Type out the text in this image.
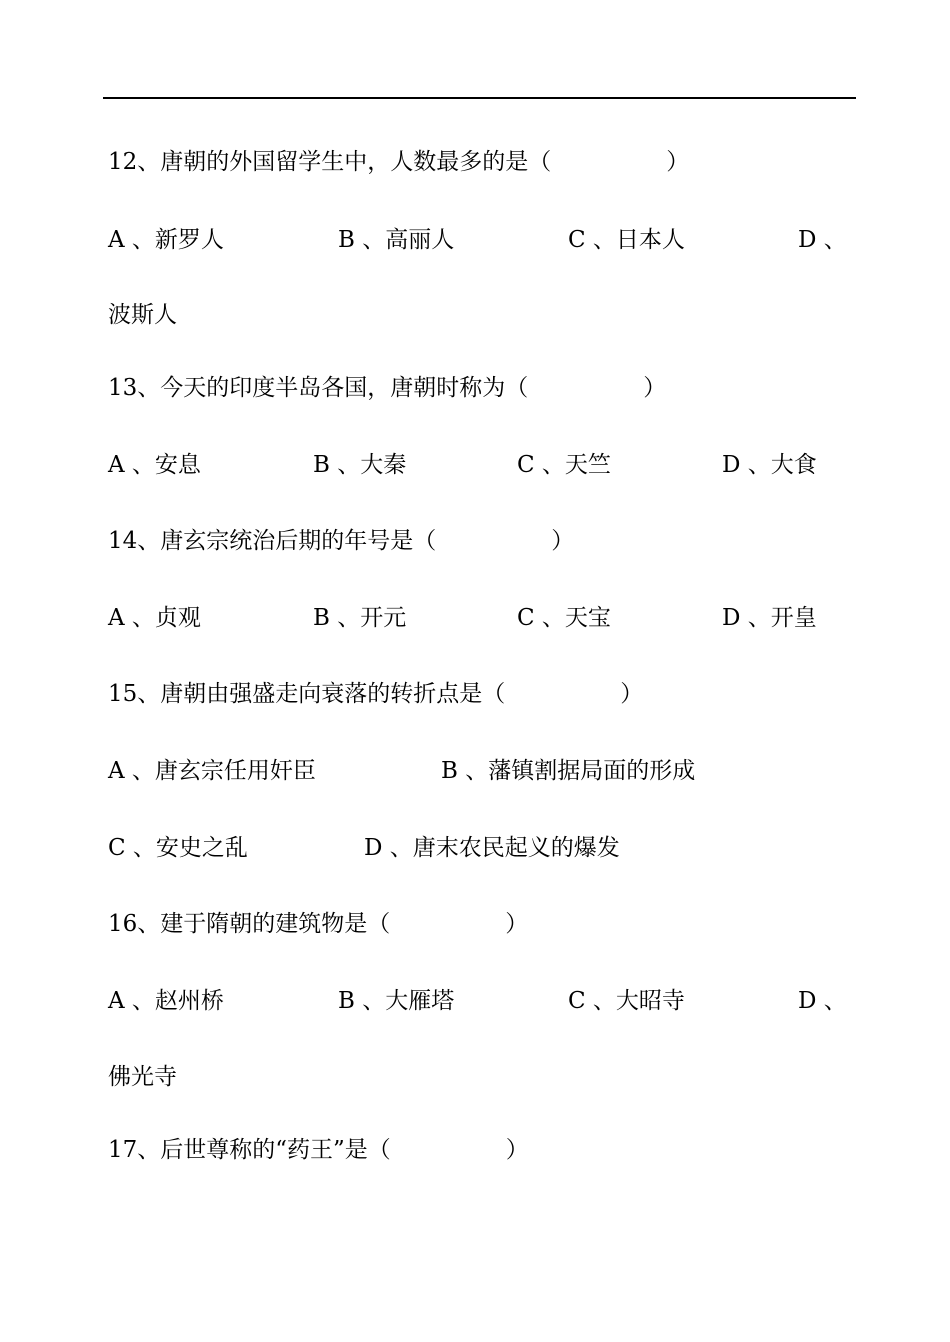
12、唐朝的外国留学生中，人数最多的是（　　　　　）
A 、新罗人	B 、高丽人	C 、日本人	D 、
波斯人
13、今天的印度半岛各国，唐朝时称为（　　　　　）
A 、安息	B 、大秦	C 、天竺	D 、大食
14、唐玄宗统治后期的年号是（　　　　　）
A 、贞观	B 、开元	C 、天宝	D 、开皇
15、唐朝由强盛走向衰落的转折点是（　　　　　）
A 、唐玄宗任用奸臣	B 、藩镇割据局面的形成
C 、安史之乱	D 、唐末农民起义的爆发
16、建于隋朝的建筑物是（　　　　　）
A 、赵州桥	B 、大雁塔	C 、大昭寺	D 、
佛光寺
17、后世尊称的“药王”是（　　　　　）
